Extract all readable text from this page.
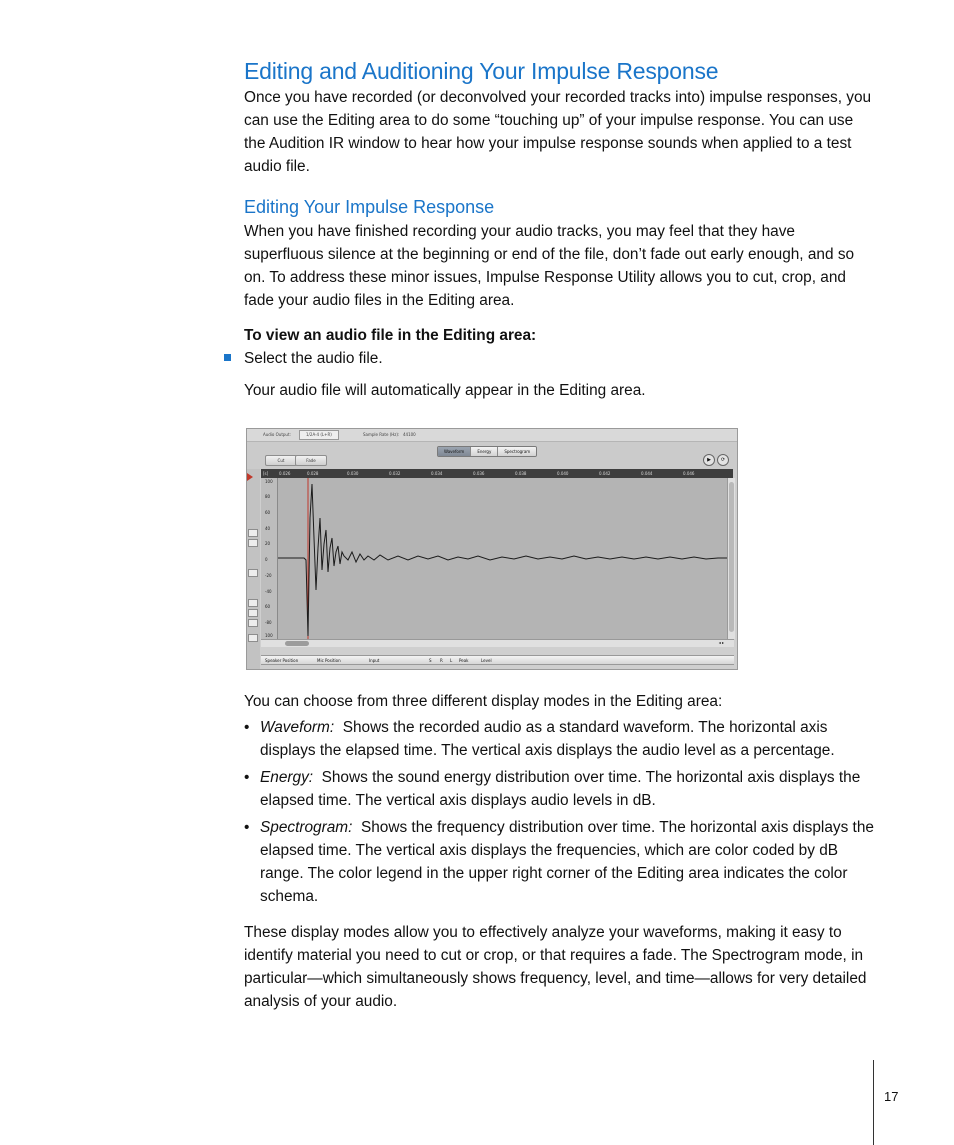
Editing and Auditioning Your Impulse Response

Once you have recorded (or deconvolved your recorded tracks into) impulse responses, you can use the Editing area to do some “touching up” of your impulse response. You can use the Audition IR window to hear how your impulse response sounds when applied to a test audio file.

Editing Your Impulse Response

When you have finished recording your audio tracks, you may feel that they have superfluous silence at the beginning or end of the file, don’t fade out early enough, and so on. To address these minor issues, Impulse Response Utility allows you to cut, crop, and fade your audio files in the Editing area.

To view an audio file in the Editing area:
Select the audio file.

Your audio file will automatically appear in the Editing area.

Audio Output:	1/2A-4 (L+R)	Sample Rate (Hz): 44100
Cut	Fade
Waveform	Energy	Spectrogram
▶	⟳
[s]	0.026	0.028	0.030	0.032	0.034	0.036	0.038	0.040	0.042	0.044	0.046
100
80
60
40
20
0
-20
-40
60
-80
100
◂ ▸
Speaker Position	Mic Position	Input	S R L Peak	Level

You can choose from three different display modes in the Editing area:

• Waveform: Shows the recorded audio as a standard waveform. The horizontal axis displays the elapsed time. The vertical axis displays the audio level as a percentage.
• Energy: Shows the sound energy distribution over time. The horizontal axis displays the elapsed time. The vertical axis displays audio levels in dB.
• Spectrogram: Shows the frequency distribution over time. The horizontal axis displays the elapsed time. The vertical axis displays the frequencies, which are color coded by dB range. The color legend in the upper right corner of the Editing area indicates the color schema.

These display modes allow you to effectively analyze your waveforms, making it easy to identify material you need to cut or crop, or that requires a fade. The Spectrogram mode, in particular—which simultaneously shows frequency, level, and time—allows for very detailed analysis of your audio.

17
